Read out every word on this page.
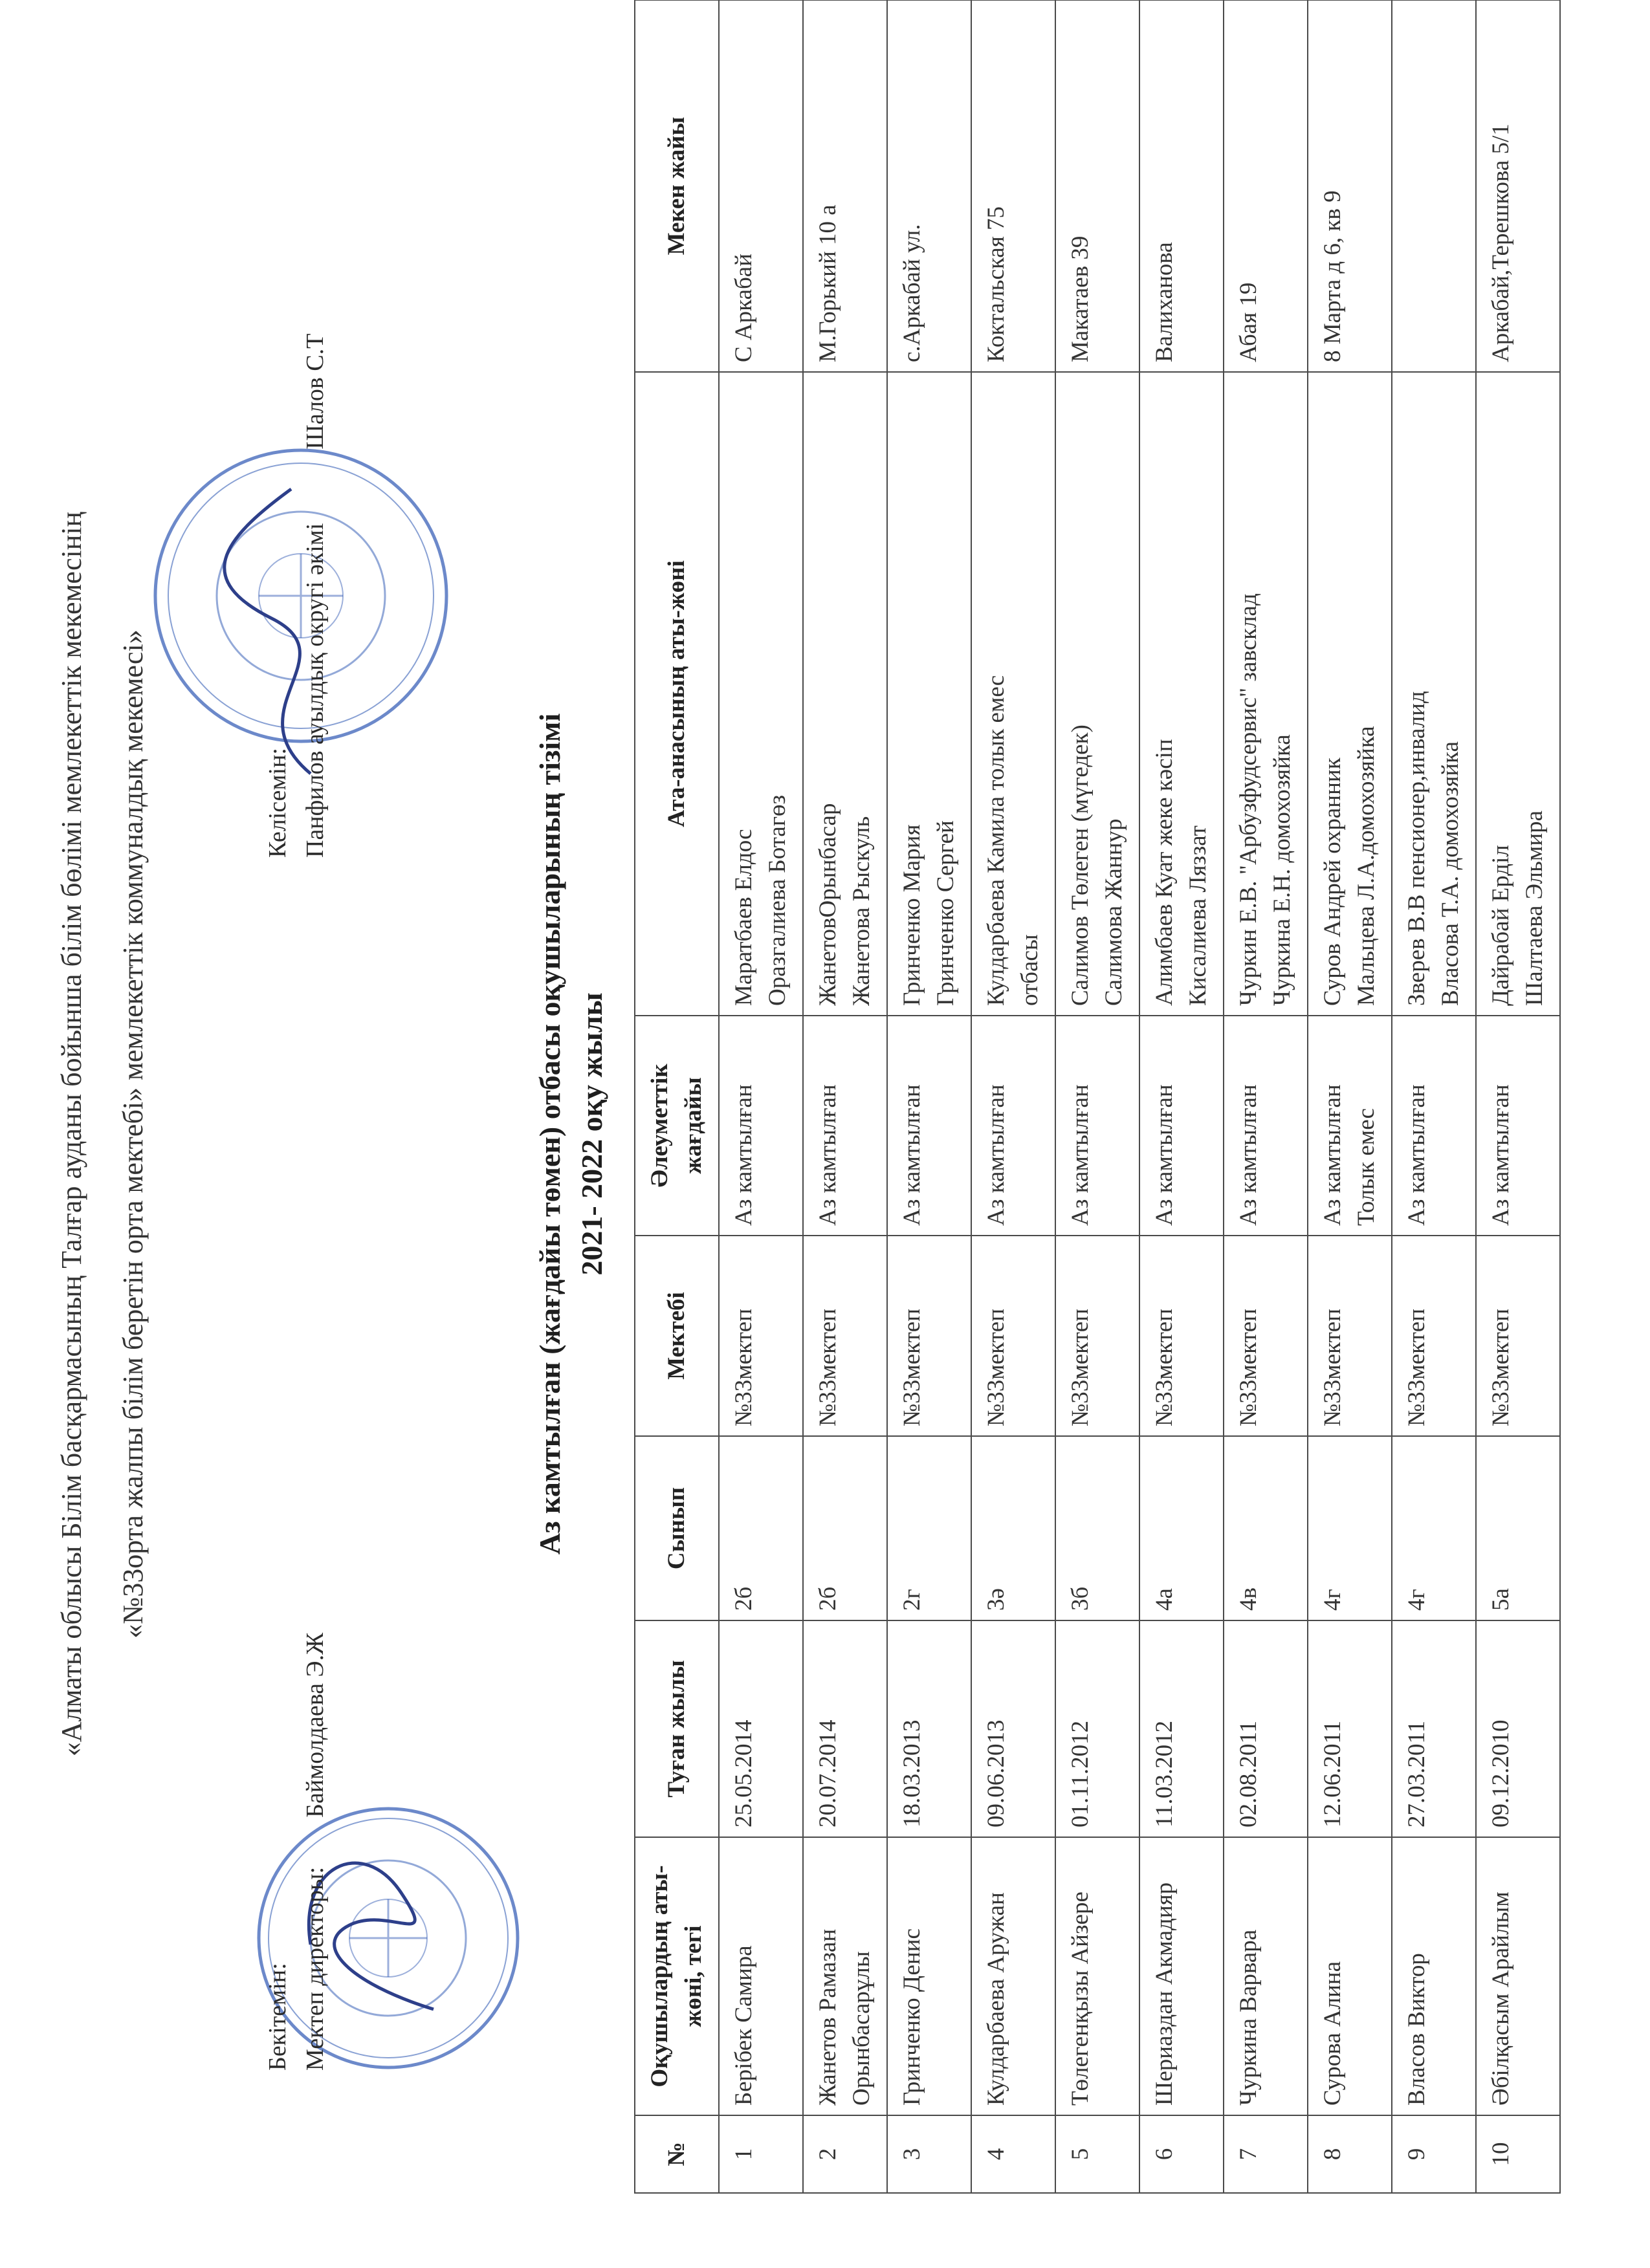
«Алматы облысы Білім басқармасының Талғар ауданы бойынша білім бөлімі мемлекеттік мекемесінің «№33орта жалпы білім беретін орта мектебі» мемлекеттік коммуналдық мекемесі»
Бекітемін: Мектеп директоры:        Баймолдаева Э.Ж
Келісемін: Панфилов ауылдық округі әкімі            Шалов С.Т
Аз камтылған (жағдайы төмен) отбасы оқушыларының тізімі 2021- 2022 оқу жылы
№	Оқушылардың аты-жөні, тегі	Туған жылы	Сынып	Мектебі	Әлеуметтік жағдайы	Ата-анасының аты-жөні	Мекен жайы
1	Берібек Самира	25.05.2014	2б	№33мектеп	Аз камтылған	Маратбаев Елдос Оразгалиева Ботагөз	С Аркабай
2	Жанетов Рамазан Орынбасарұлы	20.07.2014	2б	№33мектеп	Аз камтылған	ЖанетовОрынбасар Жанетова Рыскуль	М.Горький 10 а
3	Гринченко Денис	18.03.2013	2г	№33мектеп	Аз камтылған	Гринченко Мария Гринченко Сергей	с.Аркабай ул.
4	Кулдарбаева Аружан	09.06.2013	3ә	№33мектеп	Аз камтылған	Кулдарбаева Камила толык емес отбасы	Коктальская 75
5	Төлегенқызы Айзере	01.11.2012	3б	№33мектеп	Аз камтылған	Салимов Төлеген (мүгедек) Салимова Жаннур	Макатаев 39
6	Шериаздан Акмадияр	11.03.2012	4а	№33мектеп	Аз камтылған	Алимбаев Куат жеке кәсіп Кисалиева Ляззат	Валиханова
7	Чуркина Варвара	02.08.2011	4в	№33мектеп	Аз камтылған	Чуркин Е.В. "Арбузфудсервис" завсклад Чуркина Е.Н. домохозяйка	Абая 19
8	Сурова Алина	12.06.2011	4г	№33мектеп	Аз камтылған Толык емес	Суров Андрей охранник Мальцева Л.А.домохозяйка	8 Марта д 6, кв 9
9	Власов Виктор	27.03.2011	4г	№33мектеп	Аз камтылған	Зверев В.В пенсионер,инвалид Власова Т.А. домохозяйка	

10	Әбілқасым Арайлым	09.12.2010	5а	№33мектеп	Аз камтылған	Дайрабай Ерділ Шалтаева Эльмира	Аркабай,Терешкова 5/1
